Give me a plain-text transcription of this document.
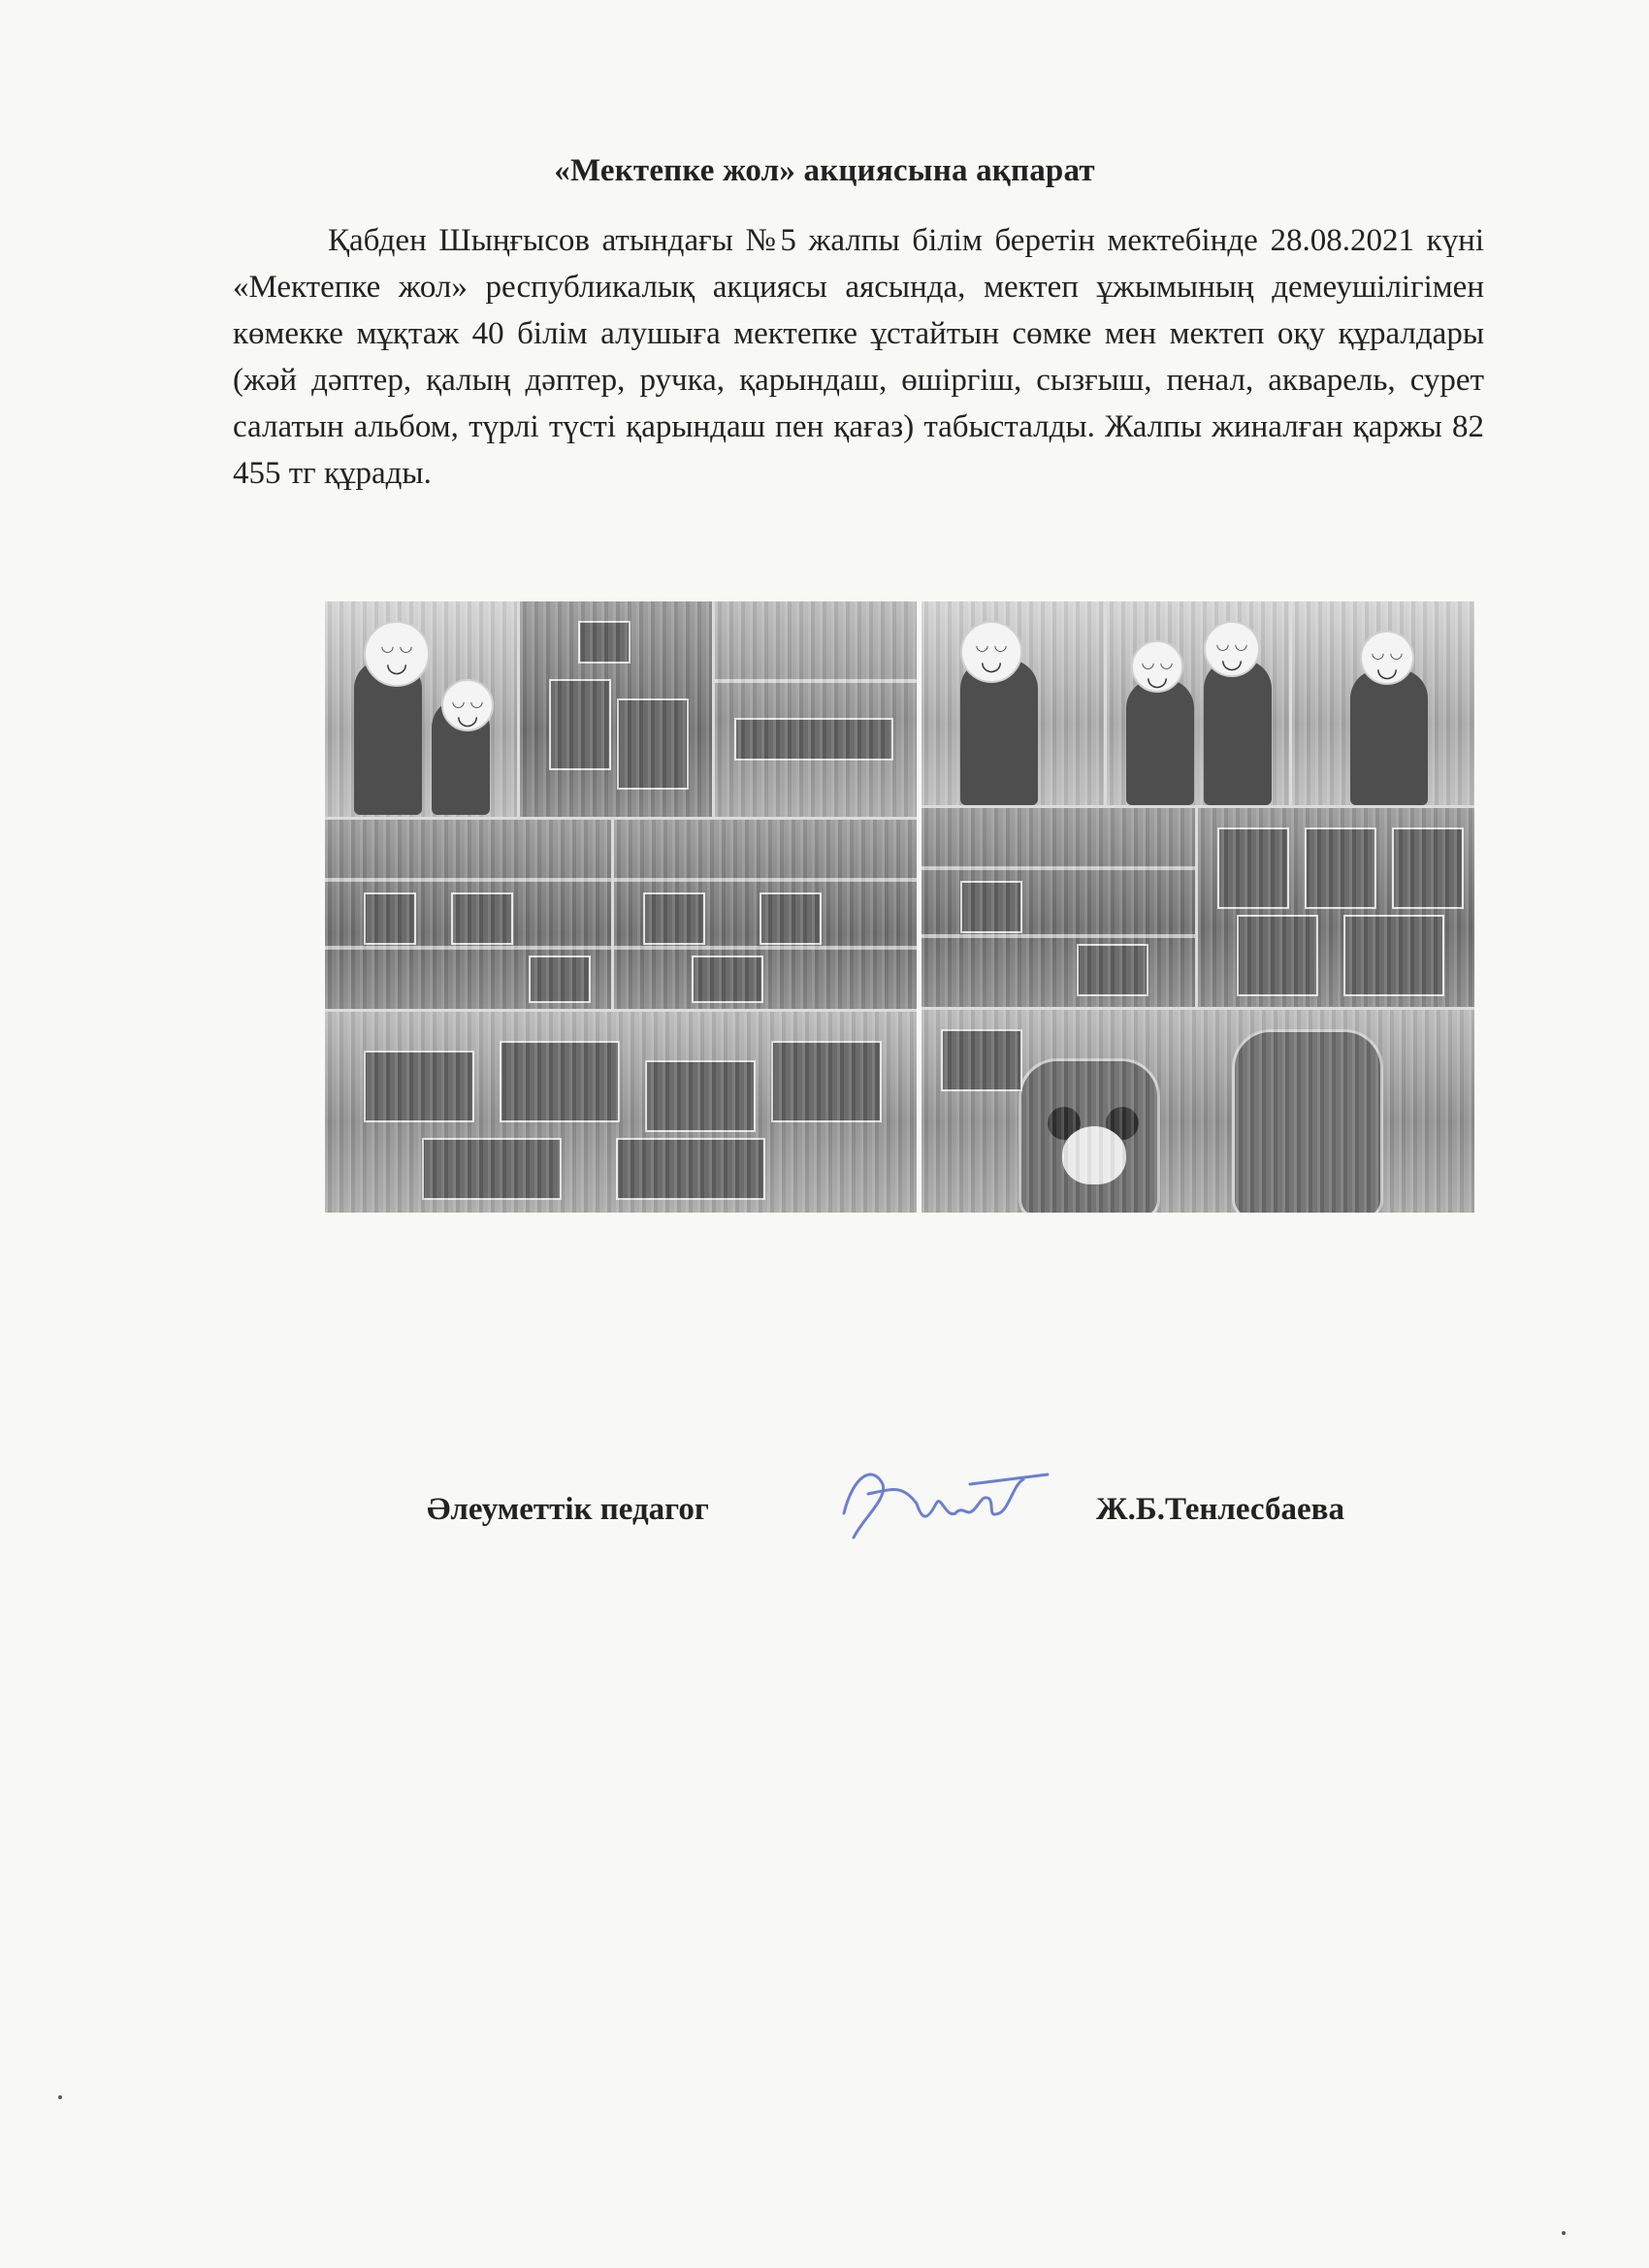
«Мектепке жол» акциясына ақпарат
Қабден Шыңғысов атындағы №5 жалпы білім беретін мектебінде 28.08.2021 күні «Мектепке жол» республикалық акциясы аясында, мектеп ұжымының демеушілігімен көмекке мұқтаж 40 білім алушыға мектепке ұстайтын сөмке мен мектеп оқу құралдары (жәй дәптер, қалың дәптер, ручка, қарындаш, өшіргіш, сызғыш, пенал, акварель, сурет салатын альбом, түрлі түсті қарындаш пен қағаз) табысталды. Жалпы жиналған қаржы 82 455 тг құрады.
◡ ◡ ◡
◡ ◡ ◡
◡ ◡ ◡
◡ ◡ ◡
◡ ◡ ◡
◡ ◡ ◡
Әлеуметтік педагог	Ж.Б.Тенлесбаева
